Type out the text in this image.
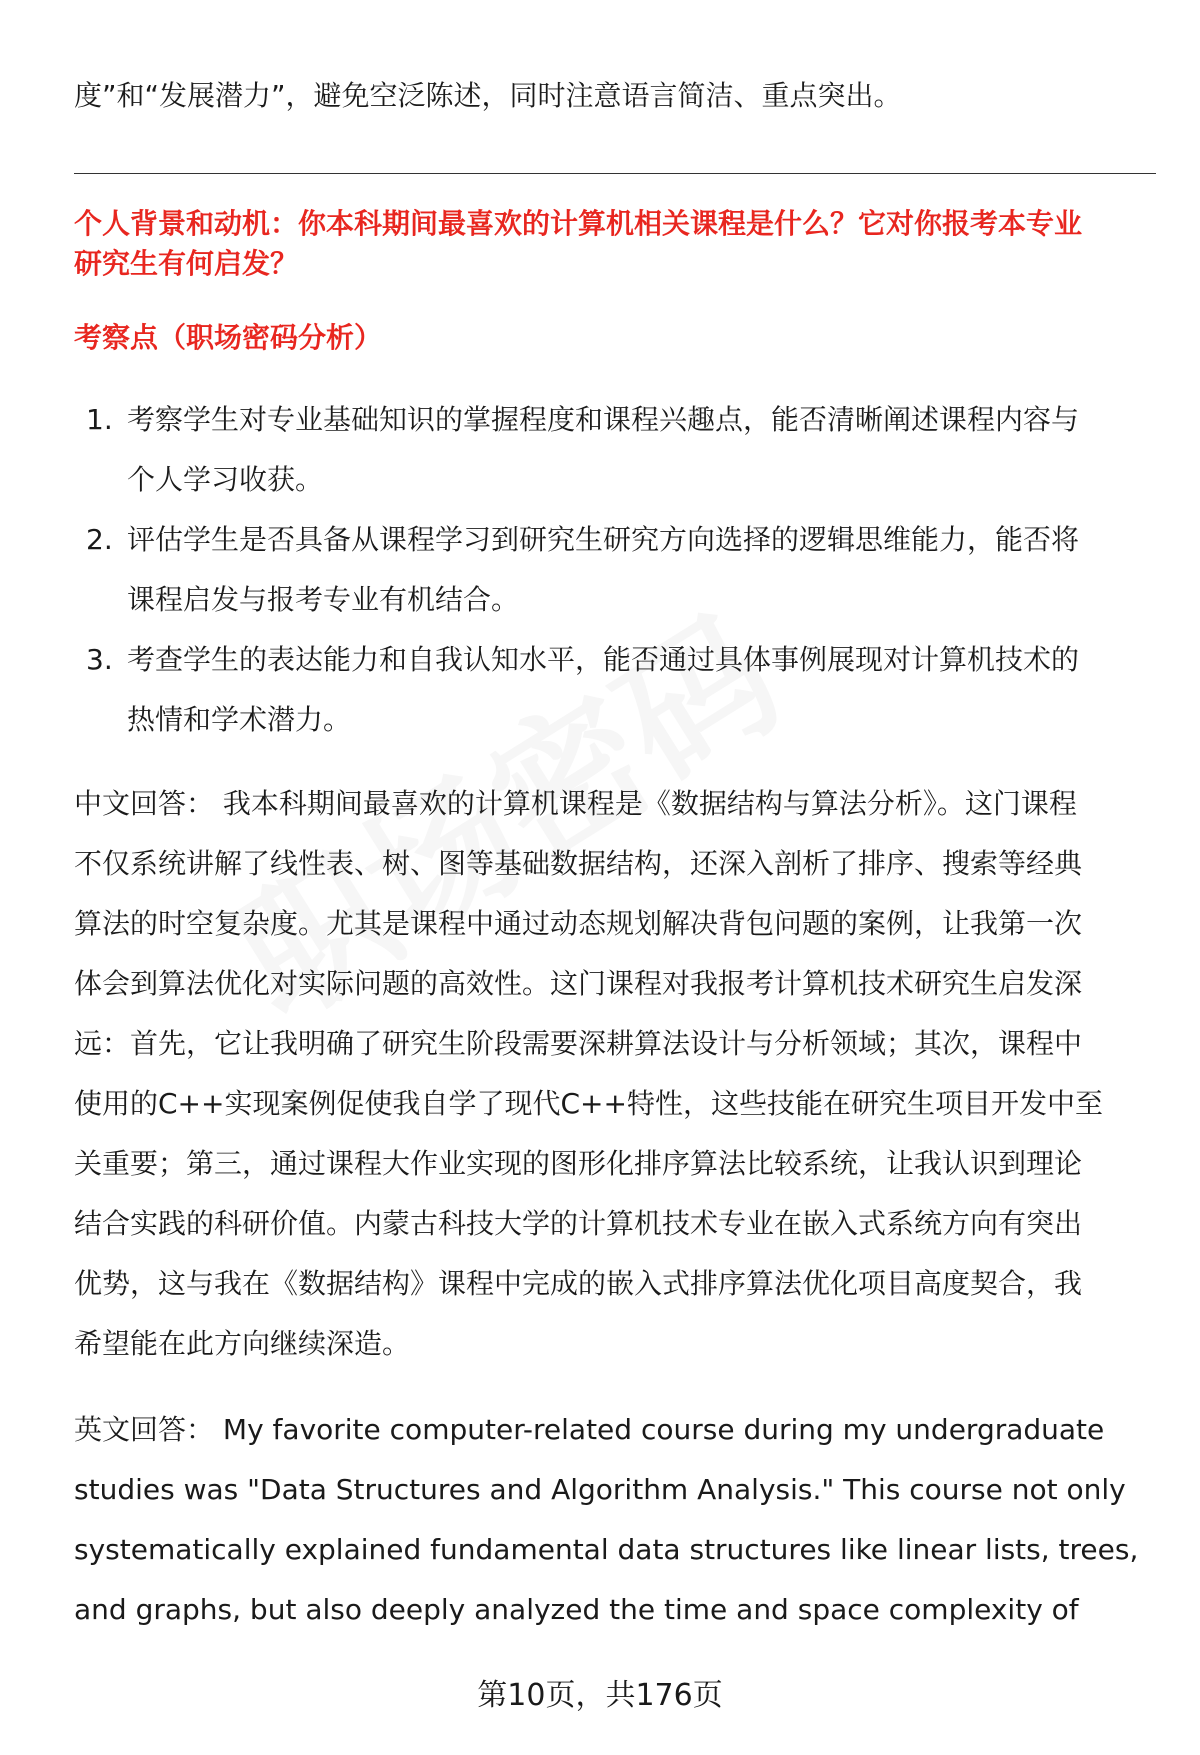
度”和“发展潜力”，避免空泛陈述，同时注意语言简洁、重点突出。
个人背景和动机：你本科期间最喜欢的计算机相关课程是什么？它对你报考本专业
研究生有何启发？
考察点（职场密码分析）
1. 考察学生对专业基础知识的掌握程度和课程兴趣点，能否清晰阐述课程内容与
个人学习收获。
2. 评估学生是否具备从课程学习到研究生研究方向选择的逻辑思维能力，能否将
课程启发与报考专业有机结合。
3. 考查学生的表达能力和自我认知水平，能否通过具体事例展现对计算机技术的
热情和学术潜力。
中文回答： 我本科期间最喜欢的计算机课程是《数据结构与算法分析》。这门课程
不仅系统讲解了线性表、树、图等基础数据结构，还深入剖析了排序、搜索等经典
算法的时空复杂度。尤其是课程中通过动态规划解决背包问题的案例，让我第一次
体会到算法优化对实际问题的高效性。这门课程对我报考计算机技术研究生启发深
远：首先，它让我明确了研究生阶段需要深耕算法设计与分析领域；其次，课程中
使用的C++实现案例促使我自学了现代C++特性，这些技能在研究生项目开发中至
关重要；第三，通过课程大作业实现的图形化排序算法比较系统，让我认识到理论
结合实践的科研价值。内蒙古科技大学的计算机技术专业在嵌入式系统方向有突出
优势，这与我在《数据结构》课程中完成的嵌入式排序算法优化项目高度契合，我
希望能在此方向继续深造。
英文回答： My favorite computer-related course during my undergraduate
studies was "Data Structures and Algorithm Analysis." This course not only
systematically explained fundamental data structures like linear lists, trees,
and graphs, but also deeply analyzed the time and space complexity of
第10页，共176页
